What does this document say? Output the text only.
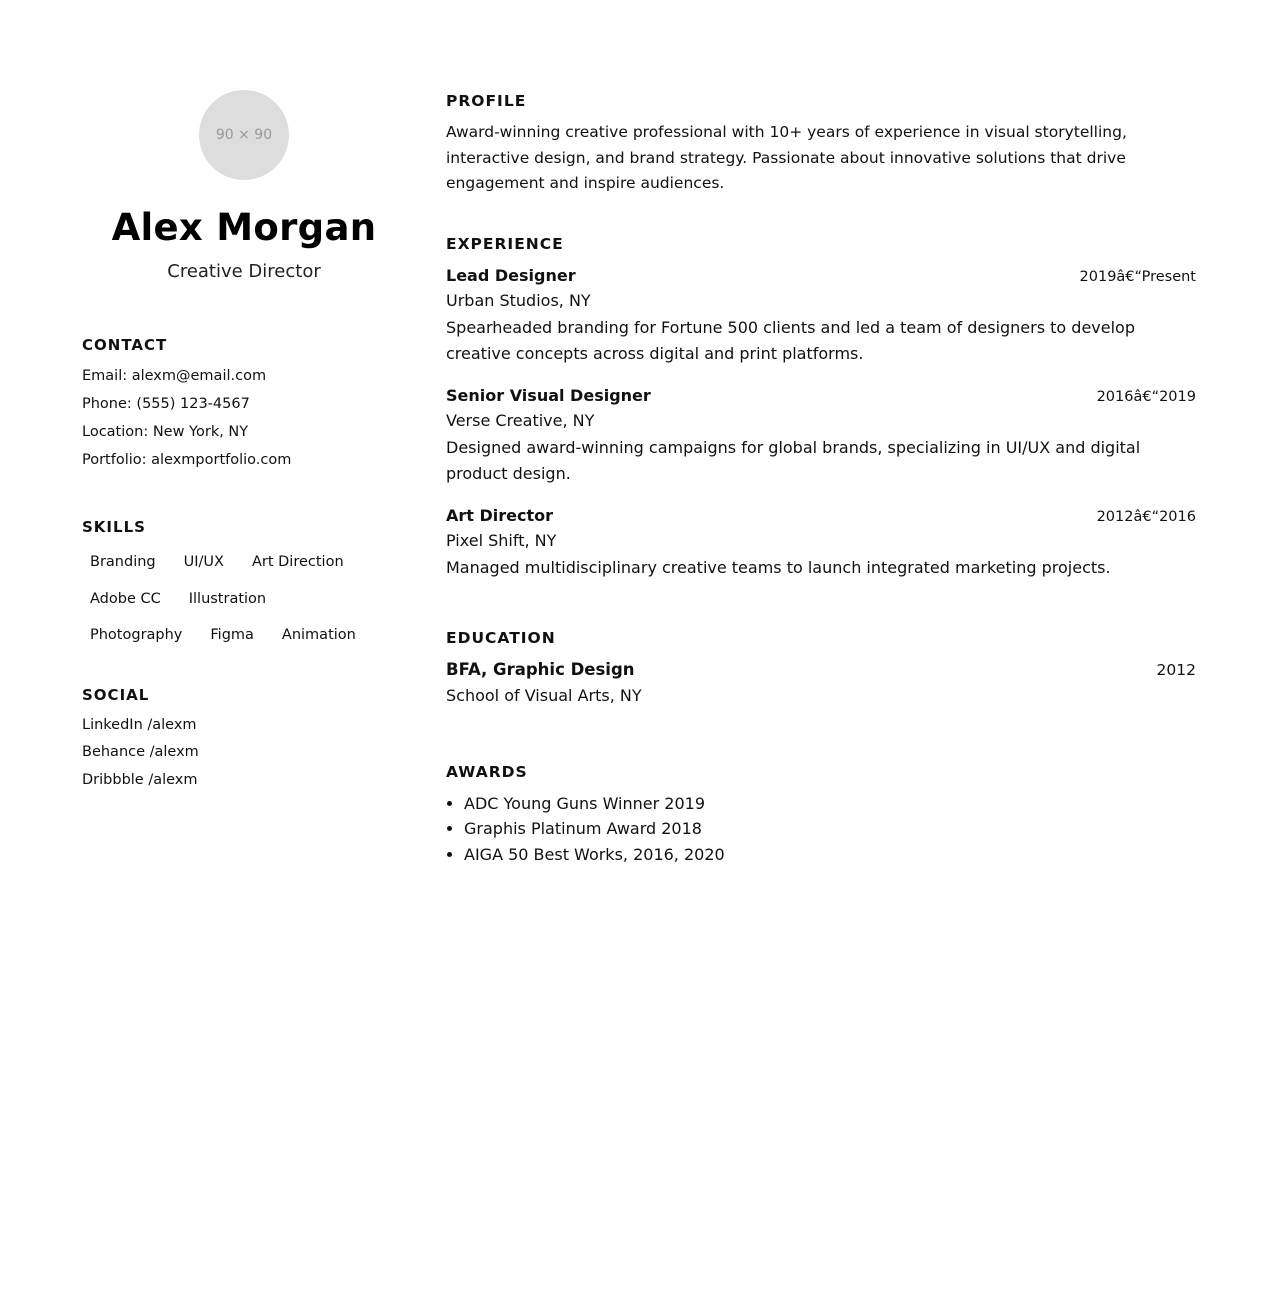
90 × 90
Alex Morgan
Creative Director
CONTACT
Email: alexm@email.com
Phone: (555) 123-4567
Location: New York, NY
Portfolio: alexmportfolio.com
SKILLS
Branding	UI/UX	Art Direction
Adobe CC	Illustration
Photography	Figma	Animation
SOCIAL
LinkedIn /alexm
Behance /alexm
Dribbble /alexm
PROFILE

Award-winning creative professional with 10+ years of experience in visual storytelling, interactive design, and brand strategy. Passionate about innovative solutions that drive engagement and inspire audiences.

EXPERIENCE
Lead Designer	2019â€“Present
Urban Studios, NY
Spearheaded branding for Fortune 500 clients and led a team of designers to develop creative concepts across digital and print platforms.
Senior Visual Designer	2016â€“2019
Verse Creative, NY
Designed award-winning campaigns for global brands, specializing in UI/UX and digital product design.
Art Director	2012â€“2016
Pixel Shift, NY
Managed multidisciplinary creative teams to launch integrated marketing projects.
EDUCATION
BFA, Graphic Design	2012
School of Visual Arts, NY
AWARDS
• ADC Young Guns Winner 2019
• Graphis Platinum Award 2018
• AIGA 50 Best Works, 2016, 2020
